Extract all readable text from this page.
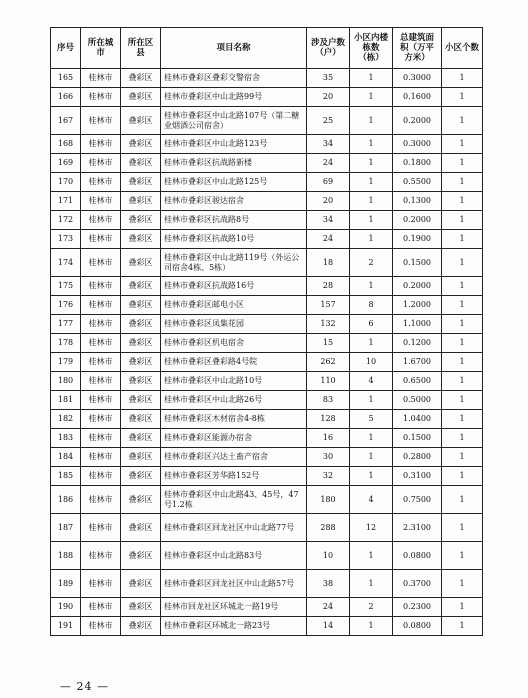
序号	所在城市	所在区县	项目名称	涉及户数（户）	小区内楼栋数（栋）	总建筑面积（万平方米）	小区个数
165	桂林市	叠彩区	桂林市叠彩区叠彩交警宿舍	35	1	0.3000	1
166	桂林市	叠彩区	桂林市叠彩区中山北路99号	20	1	0.1600	1
167	桂林市	叠彩区	桂林市叠彩区中山北路107号（第二糖业烟酒公司宿舍）	25	1	0.2000	1
168	桂林市	叠彩区	桂林市叠彩区中山北路123号	34	1	0.3000	1
169	桂林市	叠彩区	桂林市叠彩区抗战路新楼	24	1	0.1800	1
170	桂林市	叠彩区	桂林市叠彩区中山北路125号	69	1	0.5500	1
171	桂林市	叠彩区	桂林市叠彩区骏达宿舍	20	1	0.1300	1
172	桂林市	叠彩区	桂林市叠彩区抗战路8号	34	1	0.2000	1
173	桂林市	叠彩区	桂林市叠彩区抗战路10号	24	1	0.1900	1
174	桂林市	叠彩区	桂林市叠彩区中山北路119号（外运公司宿舍4栋、5栋）	18	2	0.1500	1
175	桂林市	叠彩区	桂林市叠彩区抗战路16号	28	1	0.2000	1
176	桂林市	叠彩区	桂林市叠彩区邮电小区	157	8	1.2000	1
177	桂林市	叠彩区	桂林市叠彩区凤集花园	132	6	1.1000	1
178	桂林市	叠彩区	桂林市叠彩区机电宿舍	15	1	0.1200	1
179	桂林市	叠彩区	桂林市叠彩区叠彩路4号院	262	10	1.6700	1
180	桂林市	叠彩区	桂林市叠彩区中山北路10号	110	4	0.6500	1
181	桂林市	叠彩区	桂林市叠彩区中山北路26号	83	1	0.5000	1
182	桂林市	叠彩区	桂林市叠彩区木材宿舍4-8栋	128	5	1.0400	1
183	桂林市	叠彩区	桂林市叠彩区能源办宿舍	16	1	0.1500	1
184	桂林市	叠彩区	桂林市叠彩区兴达土畜产宿舍	30	1	0.2800	1
185	桂林市	叠彩区	桂林市叠彩区芳华路152号	32	1	0.3100	1
186	桂林市	叠彩区	桂林市叠彩区中山北路43、45号，47号1.2栋	180	4	0.7500	1
187	桂林市	叠彩区	桂林市叠彩区回龙社区中山北路77号	288	12	2.3100	1
188	桂林市	叠彩区	桂林市叠彩区中山北路83号	10	1	0.0800	1
189	桂林市	叠彩区	桂林市叠彩区回龙社区中山北路57号	38	1	0.3700	1
190	桂林市	叠彩区	桂林市回龙社区环城北一路19号	24	2	0.2300	1
191	桂林市	叠彩区	桂林市叠彩区环城北一路23号	14	1	0.0800	1
— 24 —
